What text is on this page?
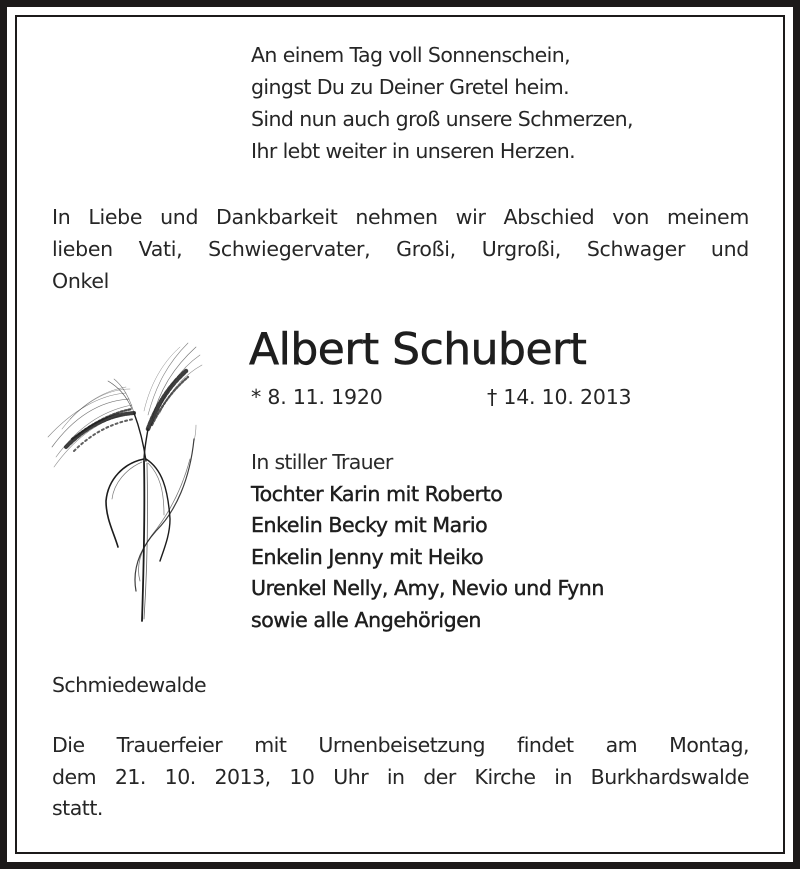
An einem Tag voll Sonnenschein,
gingst Du zu Deiner Gretel heim.
Sind nun auch groß unsere Schmerzen,
Ihr lebt weiter in unseren Herzen.
In Liebe und Dankbarkeit nehmen wir Abschied von meinem
lieben Vati, Schwiegervater, Großi, Urgroßi, Schwager und
Onkel
Albert Schubert
* 8. 11. 1920	† 14. 10. 2013
In stiller Trauer
Tochter Karin mit Roberto
Enkelin Becky mit Mario
Enkelin Jenny mit Heiko
Urenkel Nelly, Amy, Nevio und Fynn
sowie alle Angehörigen
Schmiedewalde
Die Trauerfeier mit Urnenbeisetzung findet am Montag,
dem 21. 10. 2013, 10 Uhr in der Kirche in Burkhardswalde
statt.
